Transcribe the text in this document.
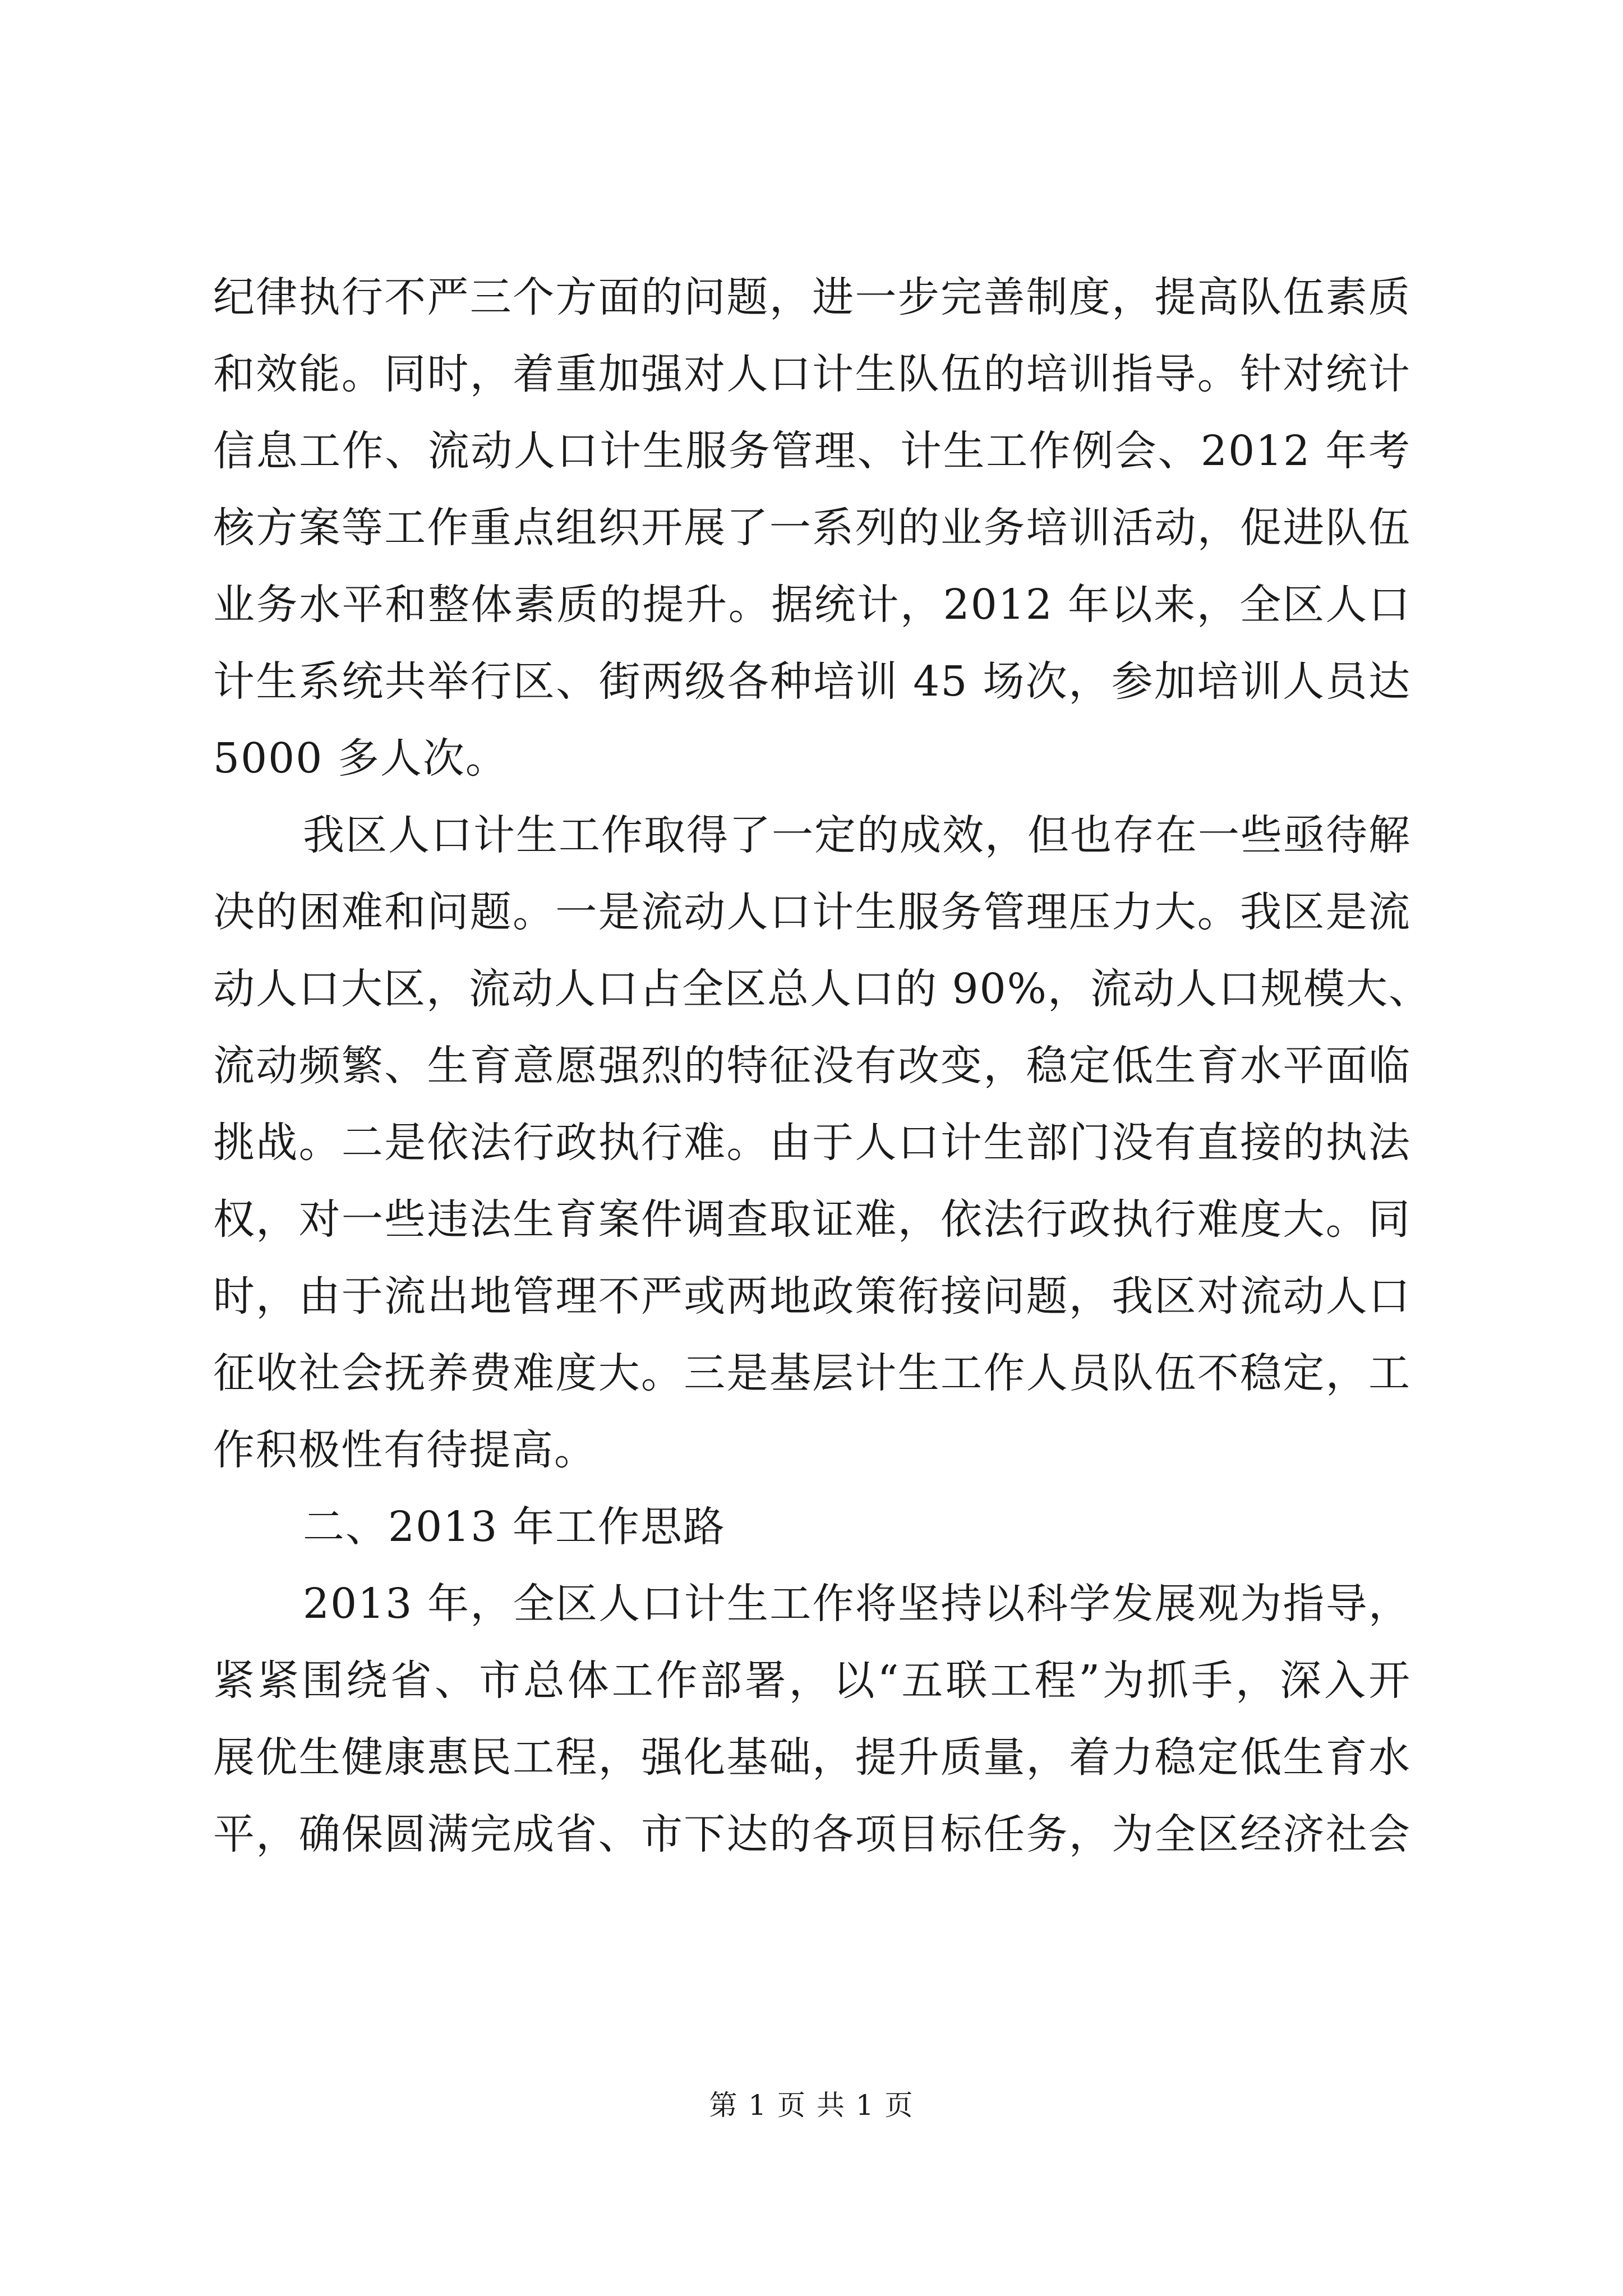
纪律执行不严三个方面的问题，进一步完善制度，提高队伍素质
和效能。同时，着重加强对人口计生队伍的培训指导。针对统计
信息工作、流动人口计生服务管理、计生工作例会、2012 年考
核方案等工作重点组织开展了一系列的业务培训活动，促进队伍
业务水平和整体素质的提升。据统计，2012 年以来，全区人口
计生系统共举行区、街两级各种培训 45 场次，参加培训人员达
5000 多人次。
我区人口计生工作取得了一定的成效，但也存在一些亟待解
决的困难和问题。一是流动人口计生服务管理压力大。我区是流
动人口大区，流动人口占全区总人口的 90%，流动人口规模大、
流动频繁、生育意愿强烈的特征没有改变，稳定低生育水平面临
挑战。二是依法行政执行难。由于人口计生部门没有直接的执法
权，对一些违法生育案件调查取证难，依法行政执行难度大。同
时，由于流出地管理不严或两地政策衔接问题，我区对流动人口
征收社会抚养费难度大。三是基层计生工作人员队伍不稳定，工
作积极性有待提高。
二、2013 年工作思路
2013 年，全区人口计生工作将坚持以科学发展观为指导，
紧紧围绕省、市总体工作部署，以“五联工程”为抓手，深入开
展优生健康惠民工程，强化基础，提升质量，着力稳定低生育水
平，确保圆满完成省、市下达的各项目标任务，为全区经济社会
第 1 页 共 1 页
